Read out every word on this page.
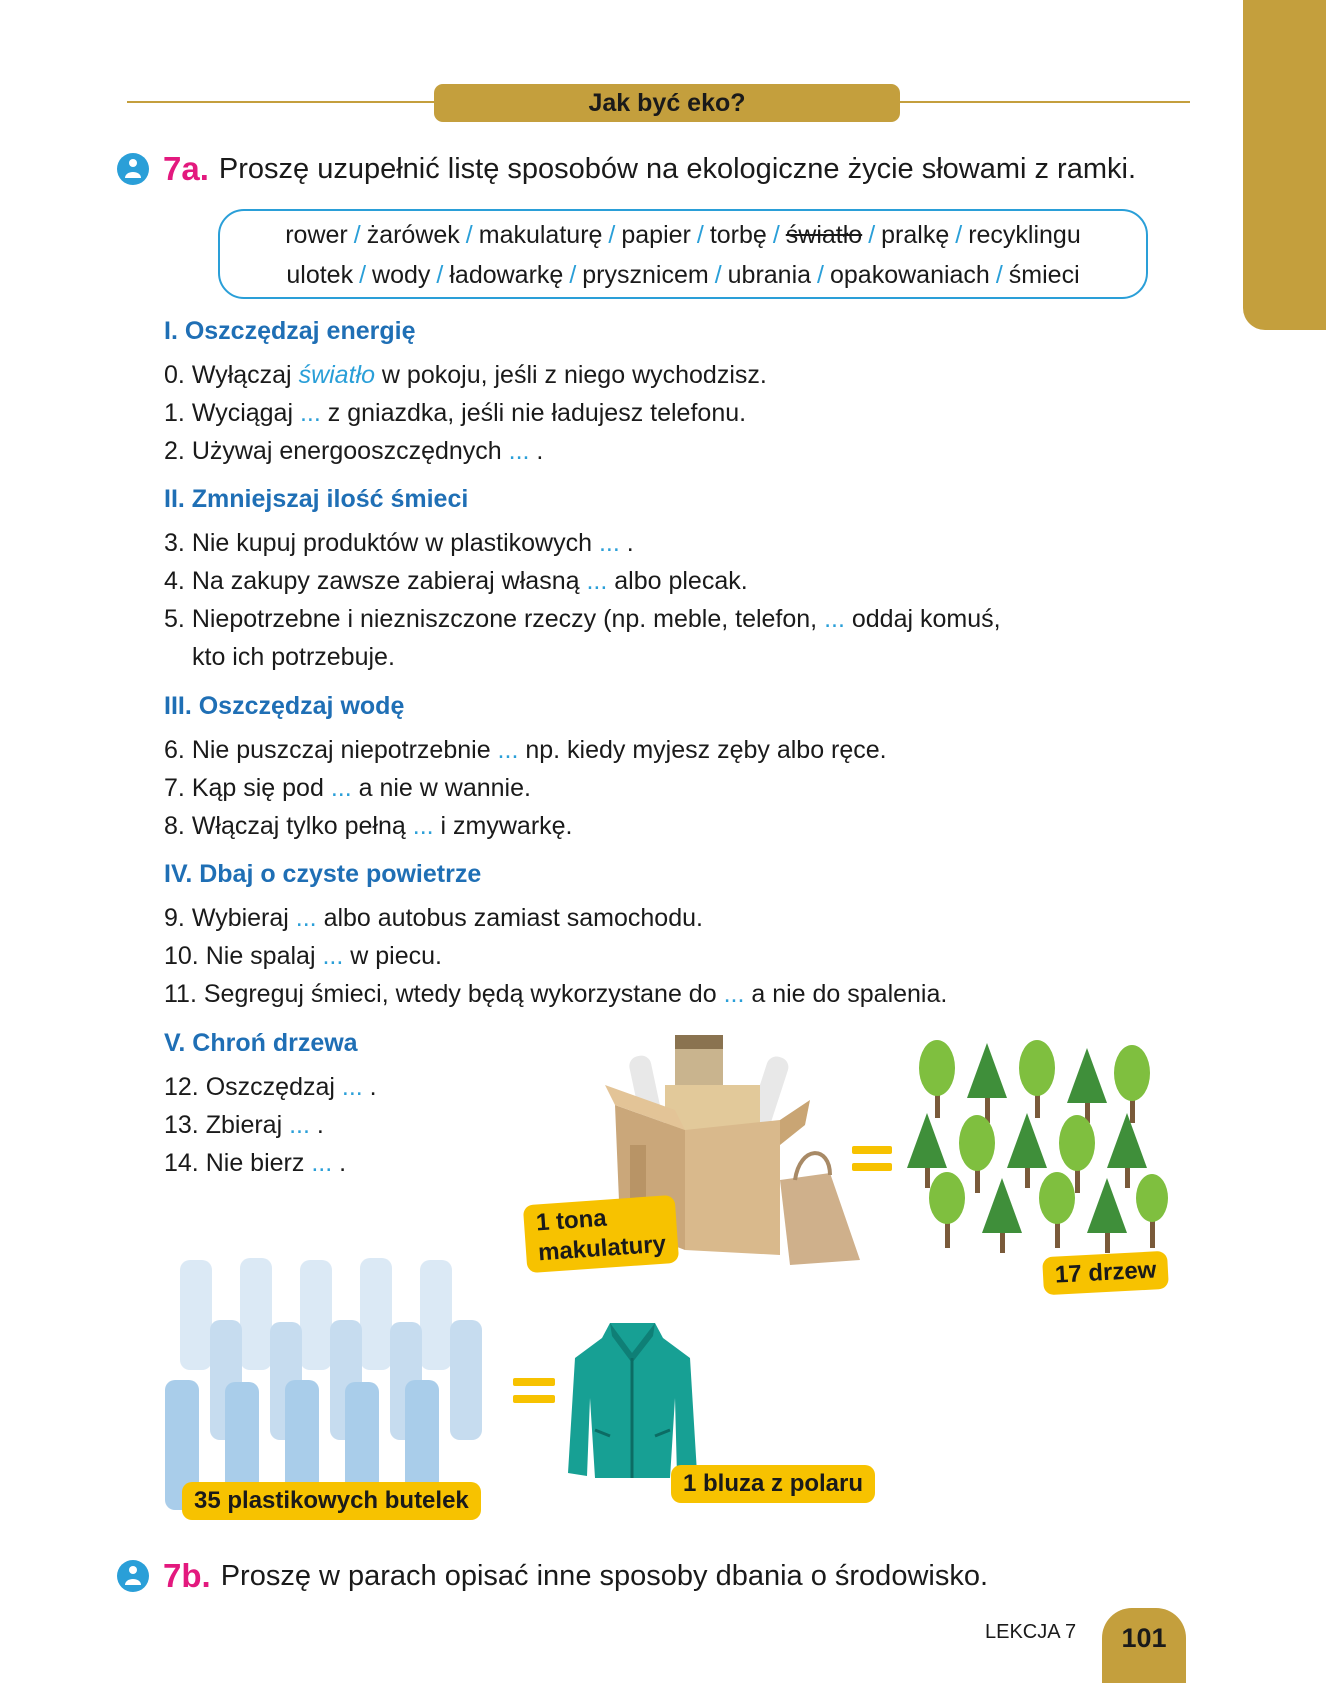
Jak być eko?
7a. Proszę uzupełnić listę sposobów na ekologiczne życie słowami z ramki.
rower / żarówek / makulaturę / papier / torbę / światło / pralkę / recyklingu
ulotek / wody / ładowarkę / prysznicem / ubrania / opakowaniach / śmieci
I. Oszczędzaj energię
0. Wyłączaj światło w pokoju, jeśli z niego wychodzisz.
1. Wyciągaj ... z gniazdka, jeśli nie ładujesz telefonu.
2. Używaj energooszczędnych ... .
II. Zmniejszaj ilość śmieci
3. Nie kupuj produktów w plastikowych ... .
4. Na zakupy zawsze zabieraj własną ... albo plecak.
5. Niepotrzebne i niezniszczone rzeczy (np. meble, telefon, ... oddaj komuś,
kto ich potrzebuje.
III. Oszczędzaj wodę
6. Nie puszczaj niepotrzebnie ... np. kiedy myjesz zęby albo ręce.
7. Kąp się pod ... a nie w wannie.
8. Włączaj tylko pełną ... i zmywarkę.
IV. Dbaj o czyste powietrze
9. Wybieraj ... albo autobus zamiast samochodu.
10. Nie spalaj ... w piecu.
11. Segreguj śmieci, wtedy będą wykorzystane do ... a nie do spalenia.
V. Chroń drzewa
12. Oszczędzaj ... .
13. Zbieraj ... .
14. Nie bierz ... .
1 tona
makulatury
17 drzew
35 plastikowych butelek
1 bluza z polaru
7b. Proszę w parach opisać inne sposoby dbania o środowisko.
LEKCJA 7	101
